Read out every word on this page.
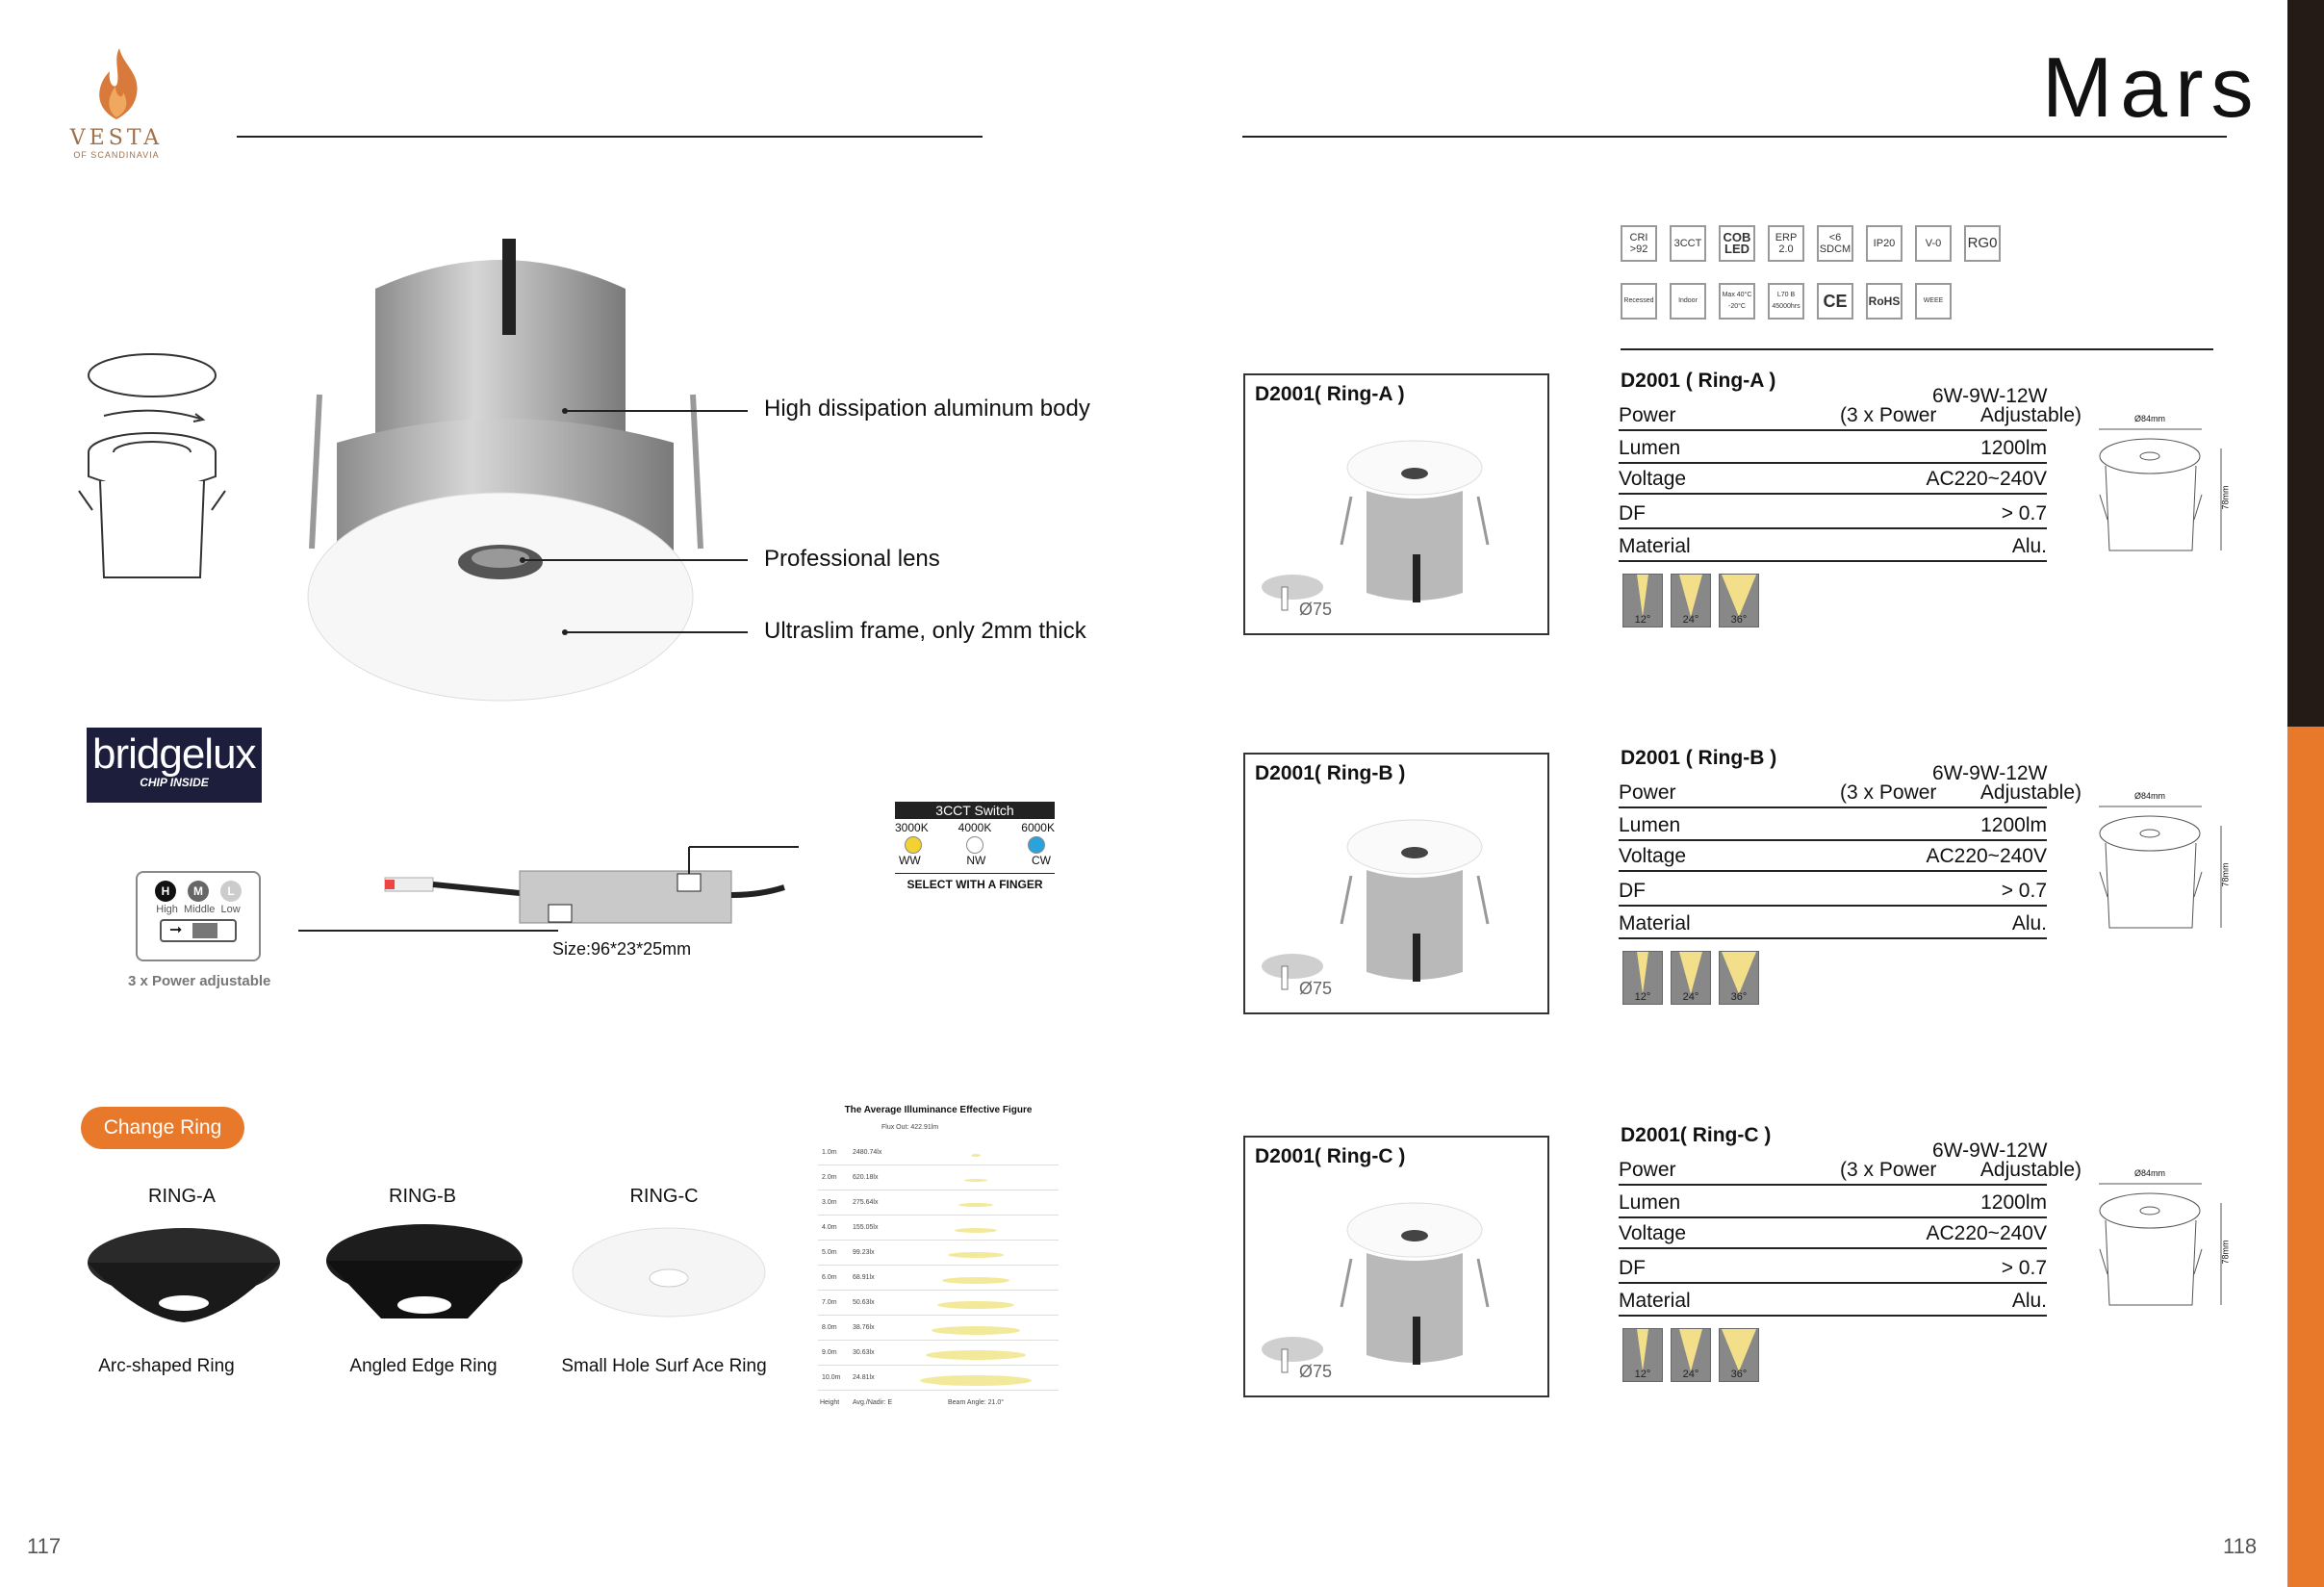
VESTA
OF SCANDINAVIA
Mars
High dissipation aluminum body
Professional lens
Ultraslim frame, only 2mm thick
bridgelux
CHIP INSIDE
H	M	L
High  Middle  Low
➞
3 x Power adjustable
Size:96*23*25mm
3CCT Switch
3000K	4000K	6000K
WW	NW	CW
SELECT WITH A FINGER
Change Ring
RING-A	RING-B	RING-C
Arc-shaped Ring	Angled Edge Ring	Small Hole Surf Ace Ring
The Average Illuminance Effective Figure
Flux Out: 422.91lm
1.0m 2480.74lx
2.0m 620.18lx
3.0m 275.64lx
4.0m 155.05lx
5.0m 99.23lx
6.0m 68.91lx
7.0m 50.63lx
8.0m 38.76lx
9.0m 30.63lx
10.0m 24.81lx
Height Avg./Nadir: E	Beam Angle: 21.0°
CRI >92	3CCT	COB LED
ERP 2.0
<6 SDCM	IP20	V-0	RG0
Recessed	Indoor
Max 40°C -20°C
L70 B 45000hrs	CE	RoHS	WEEE
D2001( Ring-A )
Ø75
D2001 ( Ring-A )
6W-9W-12W
Power	(3 x Power        Adjustable)
Lumen	1200lm
Voltage	AC220~240V
DF	> 0.7
Material	Alu.
12°	24°	36°
Ø84mm
78mm
D2001( Ring-B )
Ø75
D2001 ( Ring-B )
6W-9W-12W
Power	(3 x Power        Adjustable)
Lumen	1200lm
Voltage	AC220~240V
DF	> 0.7
Material	Alu.
12°	24°	36°
Ø84mm
78mm
D2001( Ring-C )
Ø75
D2001( Ring-C )
6W-9W-12W
Power	(3 x Power        Adjustable)
Lumen	1200lm
Voltage	AC220~240V
DF	> 0.7
Material	Alu.
12°	24°	36°
Ø84mm
78mm
117	118
